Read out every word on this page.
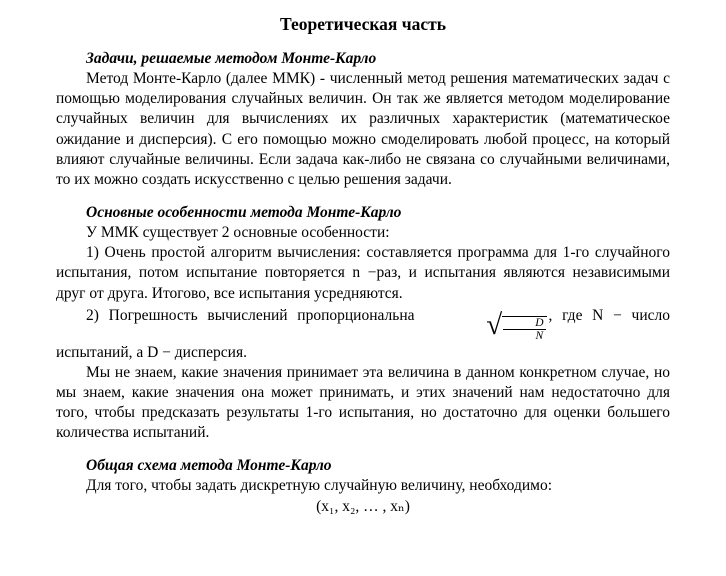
Теоретическая часть

Задачи, решаемые методом Монте-Карло

Метод Монте-Карло (далее ММК) - численный метод решения математических задач с помощью моделирования случайных величин. Он так же является методом моделирование случайных величин для вычислениях их различных характеристик (математическое ожидание и дисперсия). С его помощью можно смоделировать любой процесс, на который влияют случайные величины. Если задача как-либо не связана со случайными величинами, то их можно создать искусственно с целью решения задачи.

Основные особенности метода Монте-Карло

У ММК существует 2 основные особенности:

1) Очень простой алгоритм вычисления: составляется программа для 1-го случайного испытания, потом испытание повторяется n −раз, и испытания являются независимыми друг от друга. Итогово, все испытания усредняются.

2) Погрешность вычислений пропорциональна √ $\frac{D}{N}$
, где N − число испытаний, а D − дисперсия.

Мы не знаем, какие значения принимает эта величина в данном конкретном случае, но мы знаем, какие значения она может принимать, и этих значений нам недостаточно для того, чтобы предсказать результаты 1-го испытания, но достаточно для оценки большего количества испытаний.

Общая схема метода Монте-Карло

Для того, чтобы задать дискретную случайную величину, необходимо:

(x₁, x₂, … , xₙ)
